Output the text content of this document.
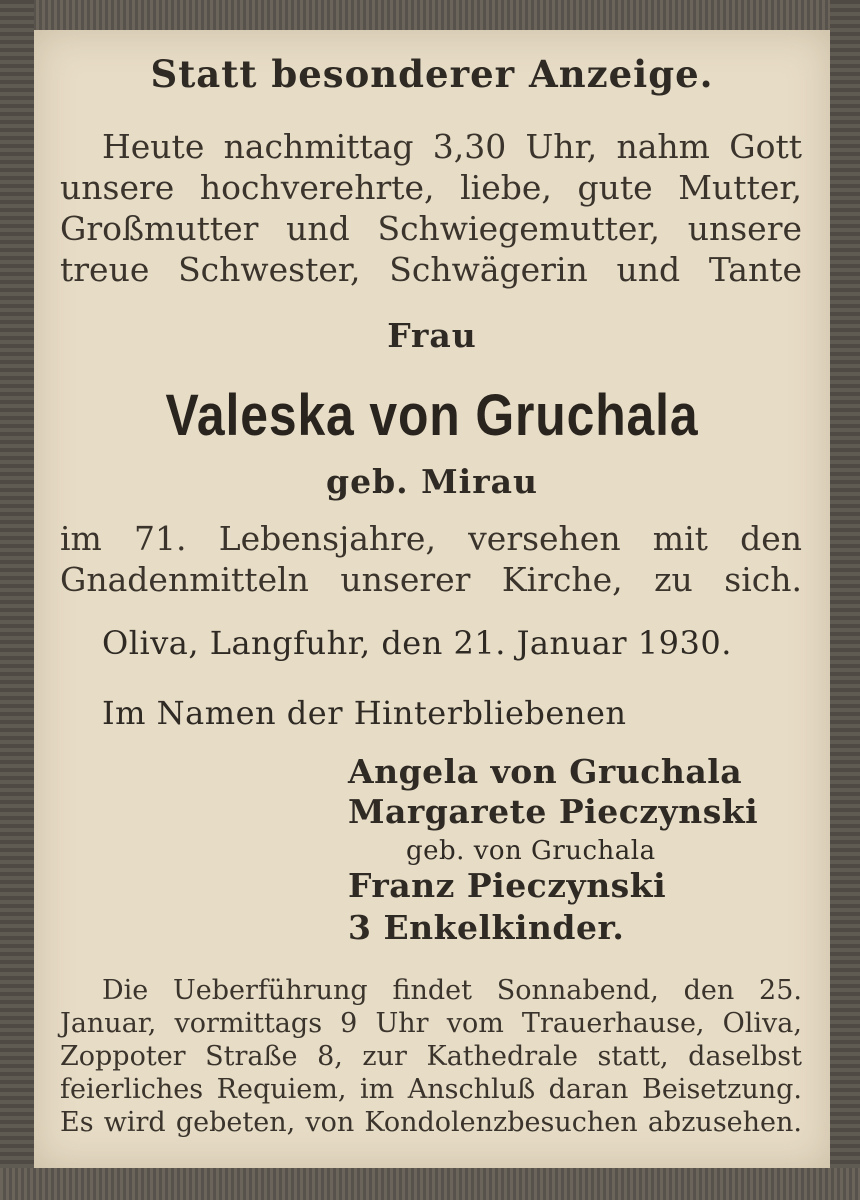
Statt besonderer Anzeige.
Heute nachmittag 3,30 Uhr, nahm Gott
unsere hochverehrte, liebe, gute Mutter,
Großmutter und Schwiegemutter, unsere
treue Schwester, Schwägerin und Tante
Frau
Valeska von Gruchala
geb. Mirau
im 71. Lebensjahre, versehen mit den
Gnadenmitteln unserer Kirche, zu sich.
Oliva, Langfuhr, den 21. Januar 1930.
Im Namen der Hinterbliebenen
Angela von Gruchala
Margarete Pieczynski
geb. von Gruchala
Franz Pieczynski
3 Enkelkinder.
Die Ueberführung findet Sonnabend, den 25.
Januar, vormittags 9 Uhr vom Trauerhause, Oliva,
Zoppoter Straße 8, zur Kathedrale statt, daselbst
feierliches Requiem, im Anschluß daran Beisetzung.
Es wird gebeten, von Kondolenzbesuchen abzusehen.
